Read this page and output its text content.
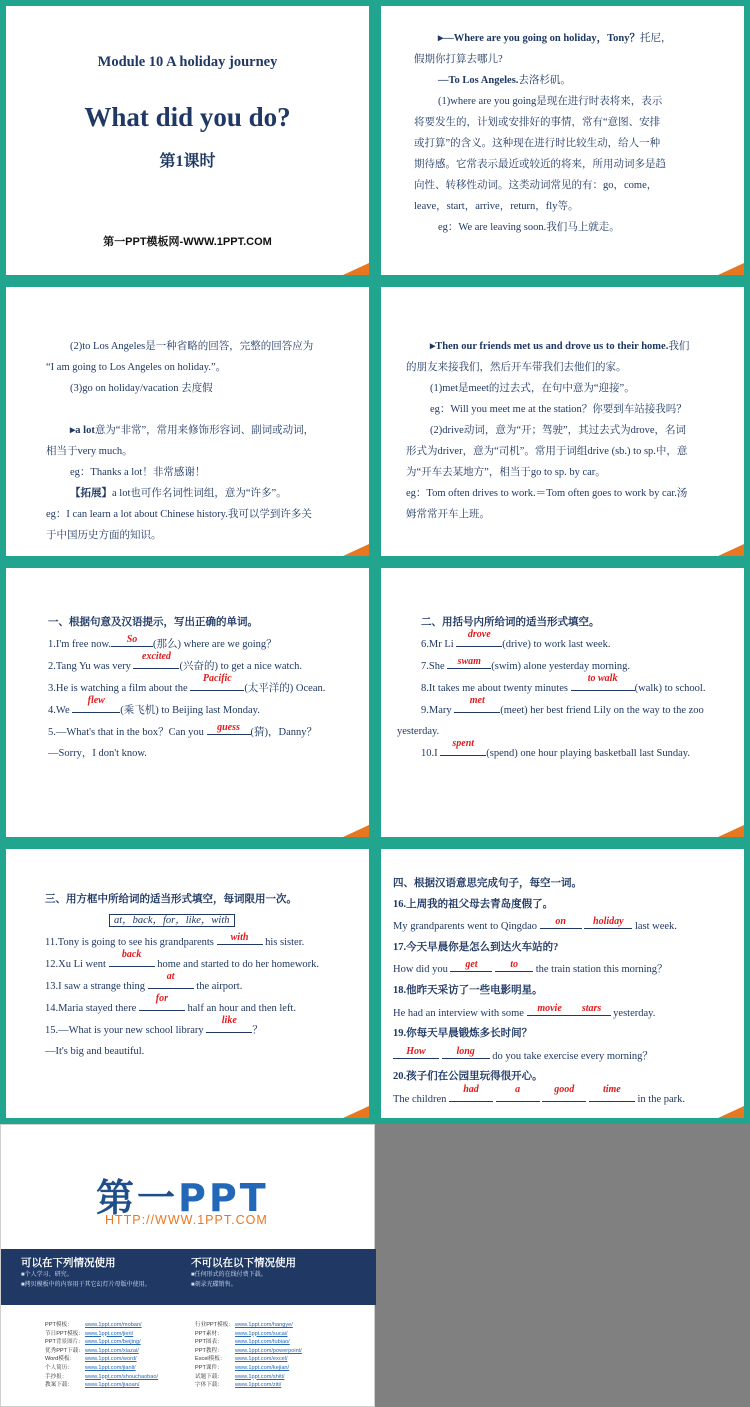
Module 10 A holiday journey
What did you do?
第1课时
第一PPT模板网-WWW.1PPT.COM

▸—Where are you going on holiday，Tony？托尼，

假期你打算去哪儿?

—To Los Angeles.去洛杉矶。

(1)where are you going是现在进行时表将来，表示

将要发生的，计划或安排好的事情，常有“意图、安排

或打算”的含义。这种现在进行时比较生动，给人一种

期待感。它常表示最近或较近的将来，所用动词多是趋

向性、转移性动词。这类动词常见的有：go，come，

leave，start，arrive，return，fly等。

eg：We are leaving soon.我们马上就走。

(2)to Los Angeles是一种省略的回答，完整的回答应为

“I am going to Los Angeles on holiday.”。

(3)go on holiday/vacation 去度假

▸a lot意为“非常”，常用来修饰形容词、副词或动词，

相当于very much。

eg：Thanks a lot！非常感谢！

【拓展】a lot也可作名词性词组，意为“许多”。

eg：I can learn a lot about Chinese history.我可以学到许多关

于中国历史方面的知识。

▸Then our friends met us and drove us to their home.我们

的朋友来接我们，然后开车带我们去他们的家。

(1)met是meet的过去式，在句中意为“迎接”。

eg：Will you meet me at the station？你要到车站接我吗？

(2)drive动词，意为“开；驾驶”，其过去式为drove，名词

形式为driver，意为“司机”。常用于词组drive (sb.) to sp.中，意

为“开车去某地方”，相当于go to sp. by car。

eg：Tom often drives to work.＝Tom often goes to work by car.汤

姆常常开车上班。

一、根据句意及汉语提示，写出正确的单词。

1.I'm free now.	So	(那么) where are we going？

2.Tang Yu was very
excited
(兴奋的) to get a nice watch.

3.He is watching a film about the
Pacific
(太平洋的) Ocean.

4.We
flew
(乘飞机) to Beijing last Monday.

5.—What's that in the box？Can you	guess	(猜)，Danny？

—Sorry，I don't know.

二、用括号内所给词的适当形式填空。

6.Mr Li
drove
(drive) to work last week.

7.She	swam (swim) alone yesterday morning.

8.It takes me about twenty minutes
to walk
(walk) to school.

9.Mary
met
(meet) her best friend Lily on the way to the zoo

yesterday.

10.I
spent
(spend) one hour playing basketball last Sunday.

三、用方框中所给词的适当形式填空，每词限用一次。

at，back，for，like，with

11.Tony is going to see his grandparents	with	his sister.

12.Xu Li went
back
home and started to do her homework.

13.I saw a strange thing
at
the airport.

14.Maria stayed there
for
half an hour and then left.

15.—What is your new school library
like
？

—It's big and beautiful.

四、根据汉语意思完成句子，每空一词。

16.上周我的祖父母去青岛度假了。

My grandparents went to Qingdao	on
	holiday last week.

17.今天早晨你是怎么到达火车站的?

How did you	get
	to	the train station this morning？

18.他昨天采访了一些电影明星。

He had an interview with some	movie	stars yesterday.

19.你每天早晨锻炼多长时间？

How
	long	do you take exercise every morning？

20.孩子们在公园里玩得很开心。

The children
had
	a
	good
	time
in the park.

第一PPT
HTTP://WWW.1PPT.COM
可以在下列情况使用
■个人学习、研究。
■拷贝模板中的内容用于其它幻灯片母版中使用。
不可以在以下情况使用
■任何形式的在线付费下载。
■刻录光碟销售。
PPT模板： www.1ppt.com/moban/
节日PPT模板：www.1ppt.com/jieri/
PPT背景图片：www.1ppt.com/beijing/
优秀PPT下载：www.1ppt.com/xiazai/
Word模板： www.1ppt.com/word/
个人简历： www.1ppt.com/jianli/
手抄报：	www.1ppt.com/shouchaobao/
教案下载： www.1ppt.com/jiaoan/
行业PPT模板：www.1ppt.com/hangye/
PPT素材： www.1ppt.com/sucai/
PPT图表： www.1ppt.com/tubiao/
PPT教程： www.1ppt.com/powerpoint/
Excel模板： www.1ppt.com/excel/
PPT课件： www.1ppt.com/kejian/
试题下载： www.1ppt.com/shiti/
字体下载： www.1ppt.com/ziti/
